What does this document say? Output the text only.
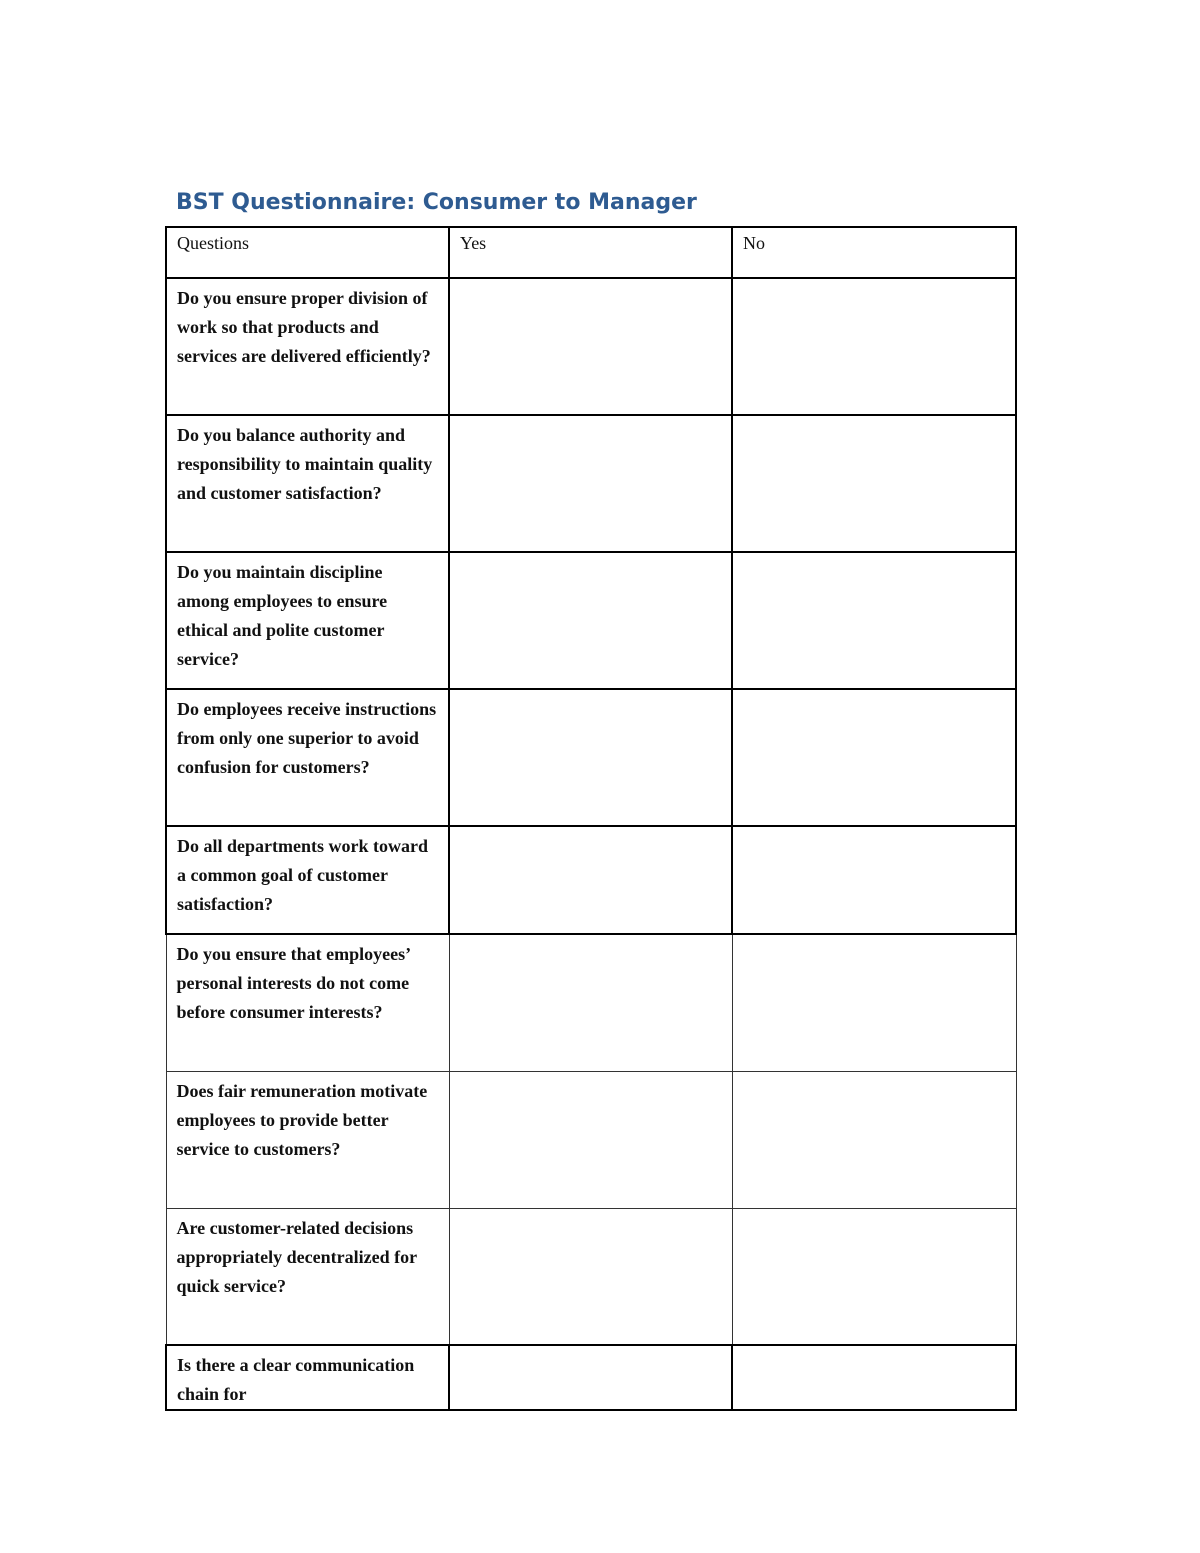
BST Questionnaire: Consumer to Manager
Questions	Yes	No

Do you ensure proper division of work so that products and services are delivered efficiently?		

Do you balance authority and responsibility to maintain quality and customer satisfaction?		

Do you maintain discipline among employees to ensure ethical and polite customer service?		

Do employees receive instructions from only one superior to avoid confusion for customers?		

Do all departments work toward a common goal of customer satisfaction?		

Do you ensure that employees’ personal interests do not come before consumer interests?		

Does fair remuneration motivate employees to provide better service to customers?		

Are customer-related decisions appropriately decentralized for quick service?		

Is there a clear communication chain for		
